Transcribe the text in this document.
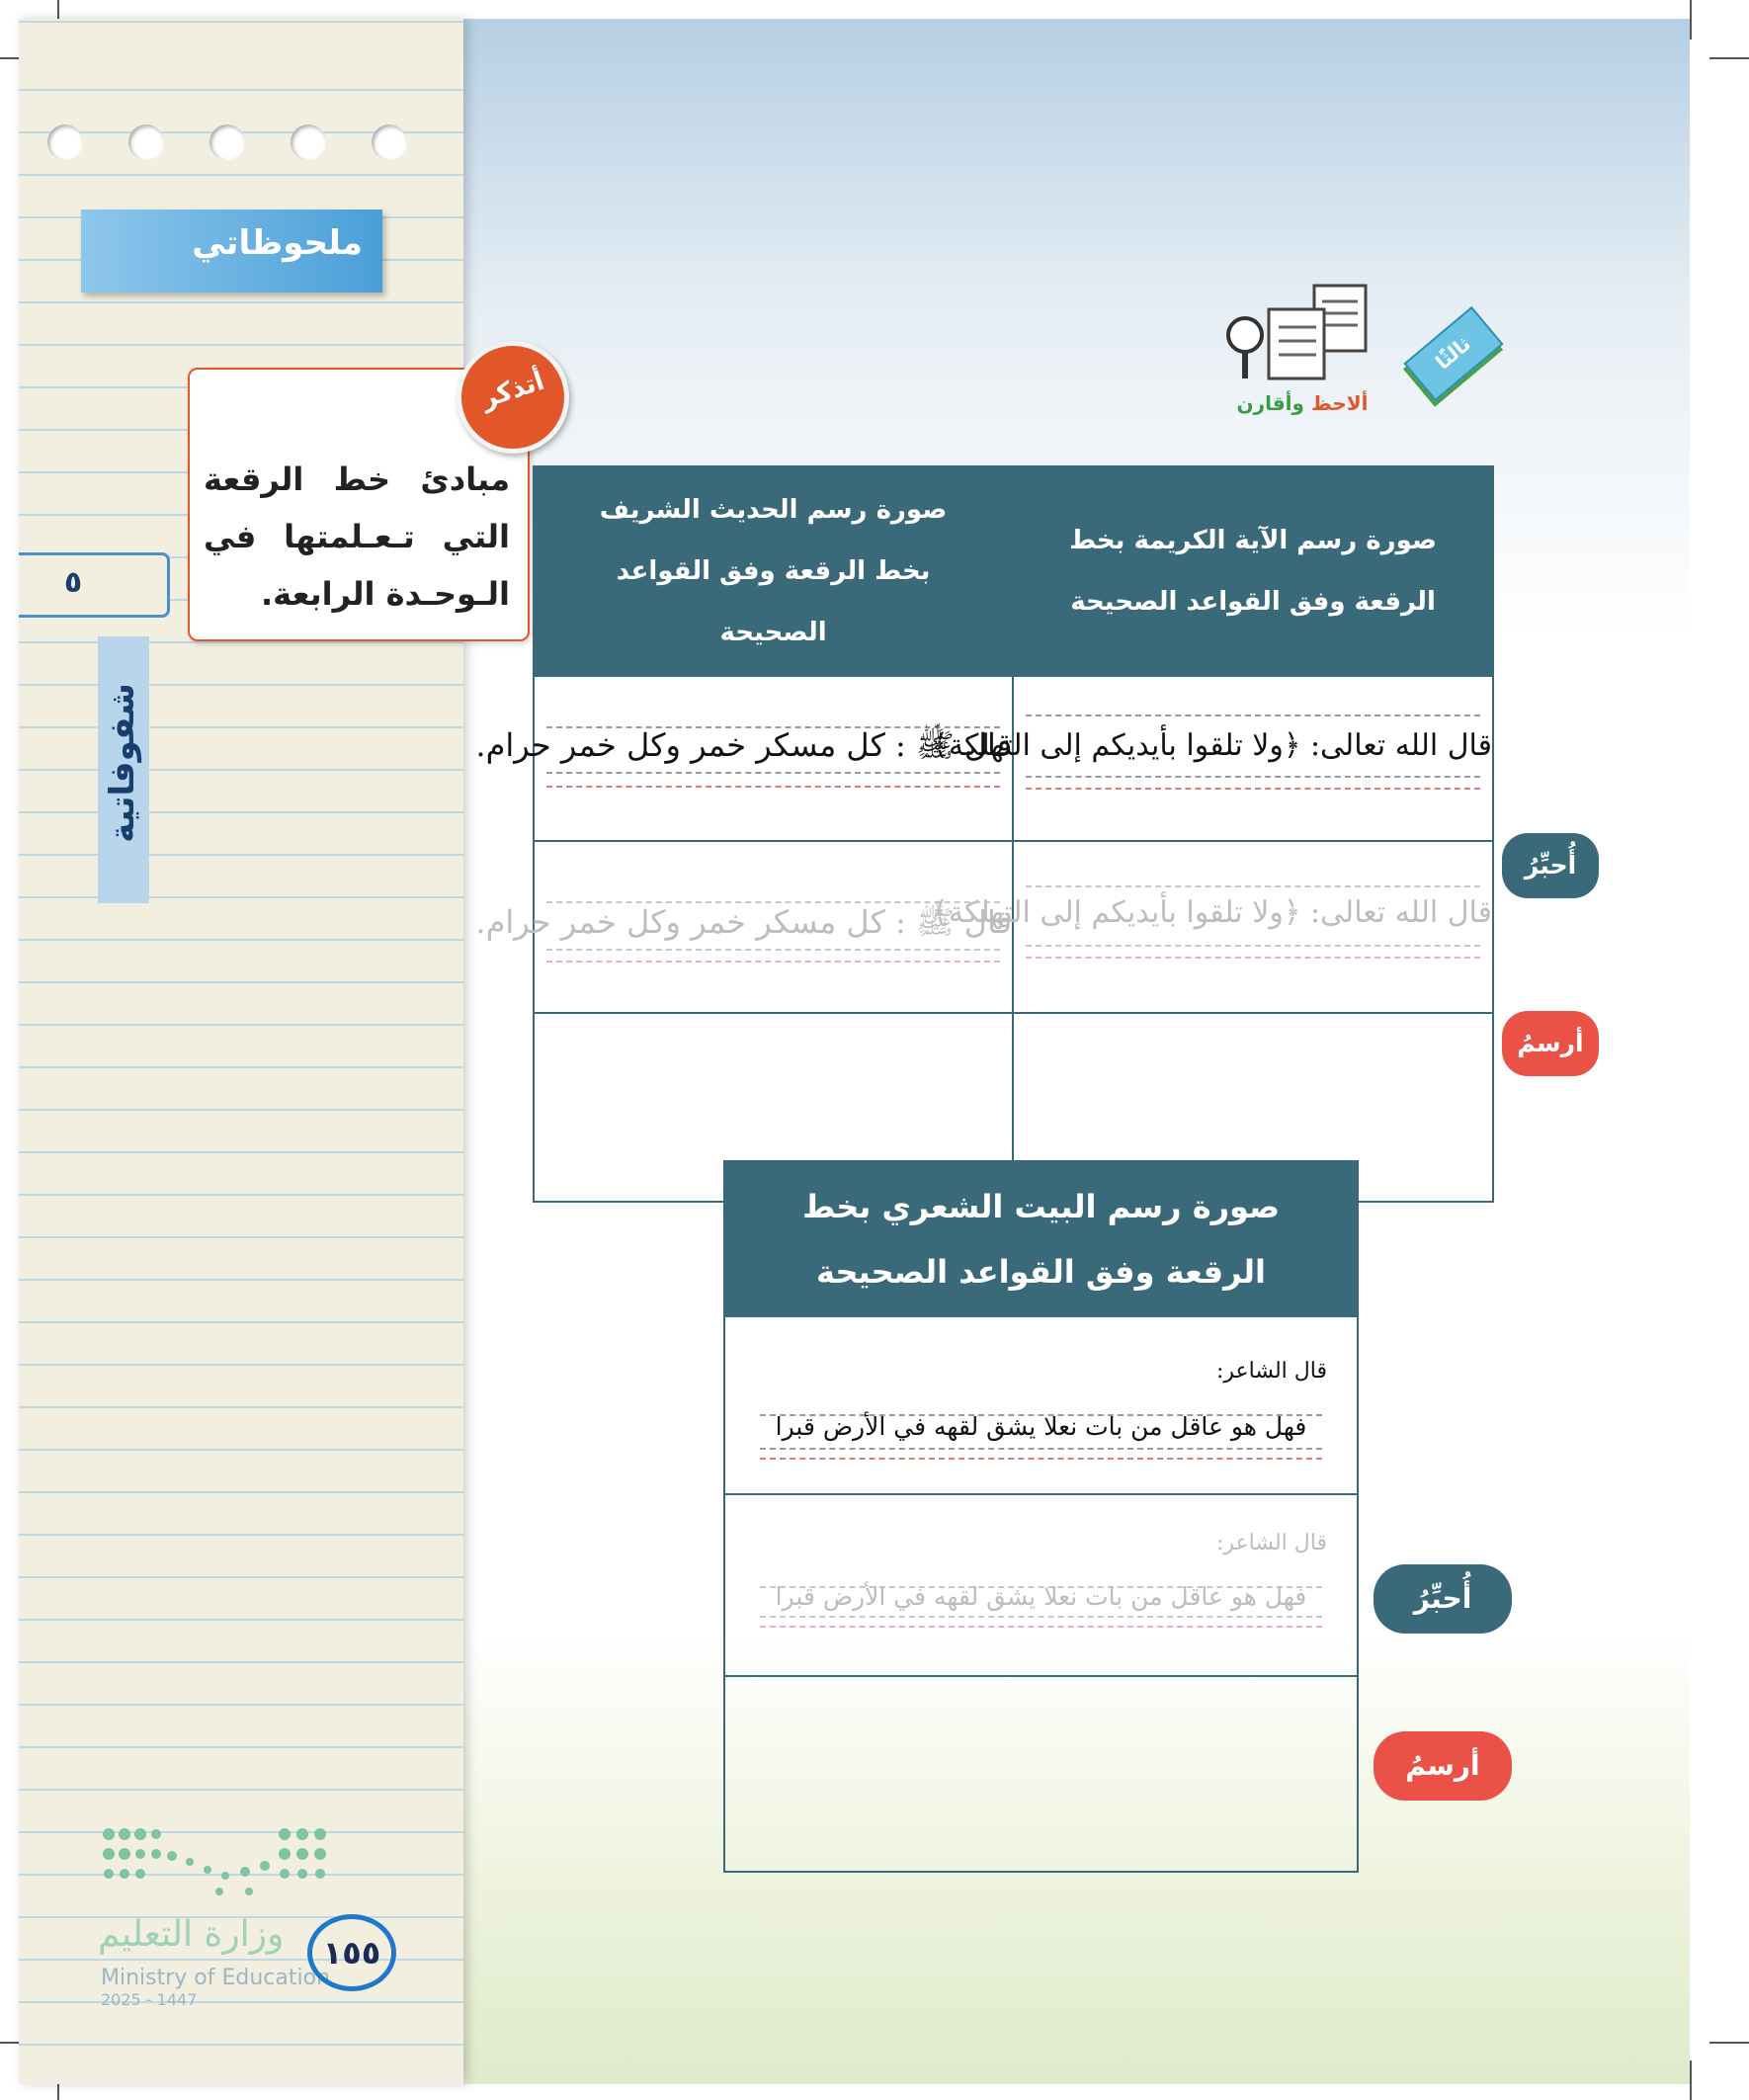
ملحوظاتي
٥
شفوفاتية
وزارة التعليم
Ministry of Education
2025 - 1447
١٥٥
مبادئ خط الرقعة التي تـعـلمتها في الـوحـدة الرابعة.
أتذكر
ثالثًا
ألاحظ وأقارن
صورة رسم الحديث الشريف بخط الرقعة وفق القواعد الصحيحة	صورة رسم الآية الكريمة بخط الرقعة وفق القواعد الصحيحة

قال ﷺ : كل مسكر خمر وكل خمر حرام.	قال الله تعالى: ﴿ولا تلقوا بأيديكم إلى التهلكة﴾

قال ﷺ : كل مسكر خمر وكل خمر حرام.	قال الله تعالى: ﴿ولا تلقوا بأيديكم إلى التهلكة﴾

أُحبِّرُ
أرسمُ
صورة رسم البيت الشعري بخط الرقعة وفق القواعد الصحيحة

قال الشاعر:
فهل هو عاقل من بات نعلا يشق لقهه في الأرض قبرا

قال الشاعر:
فهل هو عاقل من بات نعلا يشق لقهه في الأرض قبرا	أُحبِّرُ
أرسمُ
